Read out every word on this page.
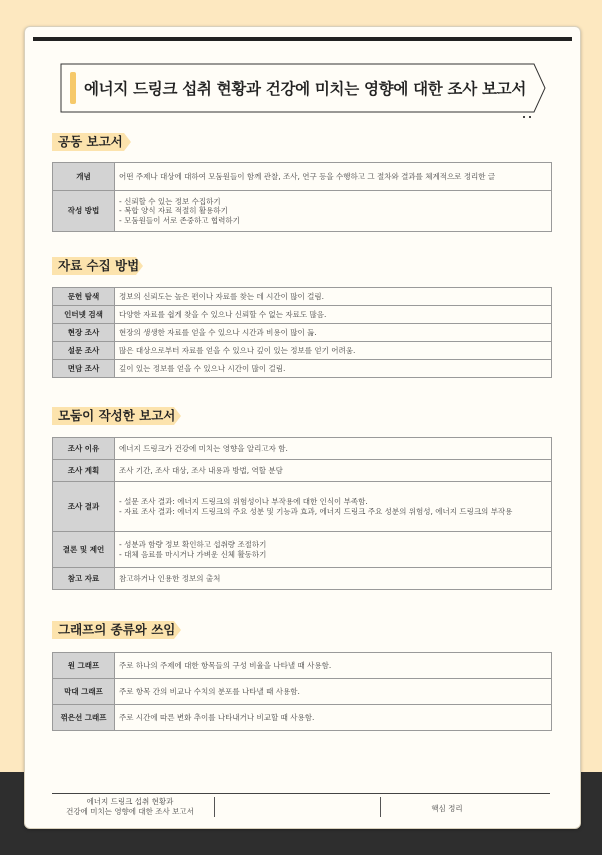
에너지 드링크 섭취 현황과 건강에 미치는 영향에 대한 조사 보고서
공동 보고서
개념	어떤 주제나 대상에 대하여 모둠원들이 함께 관찰, 조사, 연구 등을 수행하고 그 절차와 결과를 체계적으로 정리한 글
작성 방법	- 신뢰할 수 있는 정보 수집하기
- 복합 양식 자료 적절히 활용하기
- 모둠원들이 서로 존중하고 협력하기
자료 수집 방법
문헌 탐색	정보의 신뢰도는 높은 편이나 자료를 찾는 데 시간이 많이 걸림.
인터넷 검색	다양한 자료를 쉽게 찾을 수 있으나 신뢰할 수 없는 자료도 많음.
현장 조사	현장의 생생한 자료를 얻을 수 있으나 시간과 비용이 많이 듦.
설문 조사	많은 대상으로부터 자료를 얻을 수 있으나 깊이 있는 정보를 얻기 어려움.
면담 조사	깊이 있는 정보를 얻을 수 있으나 시간이 많이 걸림.
모둠이 작성한 보고서
조사 이유	에너지 드링크가 건강에 미치는 영향을 알리고자 함.
조사 계획	조사 기간, 조사 대상, 조사 내용과 방법, 역할 분담
조사 결과	- 설문 조사 결과: 에너지 드링크의 위험성이나 부작용에 대한 인식이 부족함.
- 자료 조사 결과: 에너지 드링크의 주요 성분 및 기능과 효과, 에너지 드링크 주요 성분의 위험성, 에너지 드링크의 부작용

결론 및 제언	- 성분과 함량 정보 확인하고 섭취량 조절하기
- 대체 음료를 마시거나 가벼운 신체 활동하기

참고 자료	참고하거나 인용한 정보의 출처
그래프의 종류와 쓰임
원 그래프	주로 하나의 주제에 대한 항목들의 구성 비율을 나타낼 때 사용함.
막대 그래프	주로 항목 간의 비교나 수치의 분포를 나타낼 때 사용함.
꺾은선 그래프	주로 시간에 따른 변화 추이를 나타내거나 비교할 때 사용함.
에너지 드링크 섭취 현황과
건강에 미치는 영향에 대한 조사 보고서	핵심 정리
